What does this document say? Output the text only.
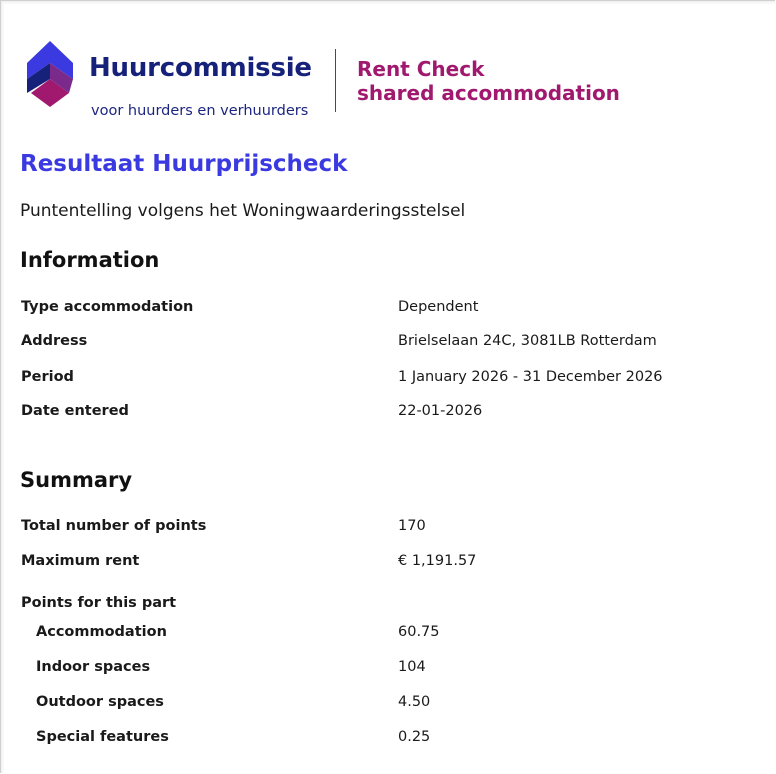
Huurcommissie
voor huurders en verhuurders
Rent Check
shared accommodation
Resultaat Huurprijscheck
Puntentelling volgens het Woningwaarderingsstelsel
Information
Type accommodation	Dependent
Address	Brielselaan 24C, 3081LB Rotterdam
Period	1 January 2026 - 31 December 2026
Date entered	22-01-2026
Summary
Total number of points	170
Maximum rent	€ 1,191.57
Points for this part
Accommodation	60.75
Indoor spaces	104
Outdoor spaces	4.50
Special features	0.25
